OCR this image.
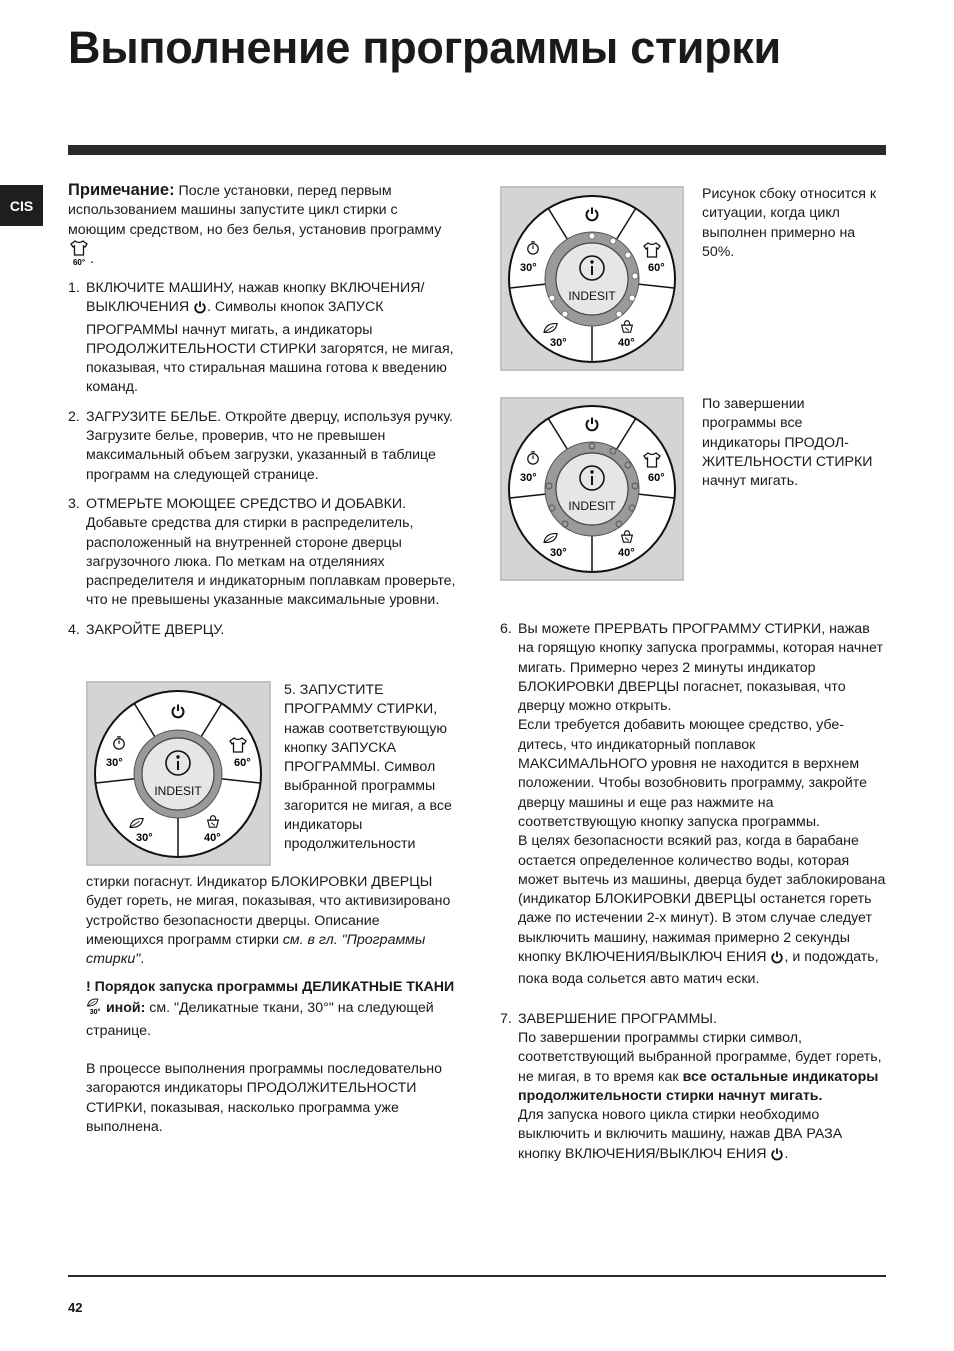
Выполнение программы стирки
CIS
Примечание: После установки, перед первым использованием машины запустите цикл стирки с моющим средством, но без белья, установив программу
60° .
1. ВКЛЮЧИТЕ МАШИНУ, нажав кнопку ВКЛЮЧЕНИЯ/ ВЫКЛЮЧЕНИЯ . Символы кнопок ЗАПУСК ПРОГРАММЫ начнут мигать, а индикаторы ПРОДОЛЖИТЕЛЬНОСТИ СТИРКИ загорятся, не мигая, показывая, что стиральная машина готова к введению команд.
2. ЗАГРУЗИТЕ БЕЛЬЕ. Откройте дверцу, используя ручку. Загрузите белье, проверив, что не превышен максимальный объем загрузки, указанный в таблице программ на следующей странице.
3. ОТМЕРЬТЕ МОЮЩЕЕ СРЕДСТВО И ДОБАВКИ. Добавьте средства для стирки в распределитель, расположенный на внутренней стороне дверцы загрузочного люка. По меткам на отделяниях распределителя и индикаторным поплавкам проверьте, что не превышены указанные максимальные уровни.
4. ЗАКРОЙТЕ ДВЕРЦУ.
INDESIT
30°	60°
30°	40°
5. ЗАПУСТИТЕ ПРОГРАММУ СТИРКИ, нажав соответствующую кнопку ЗАПУСКА ПРОГРАММЫ. Символ выбранной программы загорится не мигая, а все индикаторы продолжительности
стирки погаснут. Индикатор БЛОКИРОВКИ ДВЕРЦЫ будет гореть, не мигая, показывая, что активизировано устройство безопасности дверцы. Описание имеющихся программ стирки см. в гл. "Программы стирки".
! Порядок запуска программы ДЕЛИКАТНЫЕ ТКАНИ
30° иной: см. "Деликатные ткани, 30°" на следующей странице.
В процессе выполнения программы последовательно загораются индикаторы ПРОДОЛЖИТЕЛЬНОСТИ СТИРКИ, показывая, насколько программа уже выполнена.
INDESIT
30°	60°
30°	40°
Рисунок сбоку относится к ситуации, когда цикл выполнен примерно на 50%.
INDESIT
30°	60°
30°	40°
По завершении программы все индикаторы ПРОДОЛ-ЖИТЕЛЬНОСТИ СТИРКИ начнут мигать.
6. Вы можете ПРЕРВАТЬ ПРОГРАММУ СТИРКИ, нажав на горящую кнопку запуска программы, которая начнет мигать. Примерно через 2 минуты индикатор БЛОКИРОВКИ ДВЕРЦЫ погаснет, показывая, что дверцу можно открыть.

Если требуется добавить моющее средство, убе-дитесь, что индикаторный поплавок МАКСИМАЛЬНОГО уровня не находится в верхнем положении. Чтобы возобновить программу, закройте дверцу машины и еще раз нажмите на соответствующую кнопку запуска программы.

В целях безопасности всякий раз, когда в барабане остается определенное количество воды, которая может вытечь из машины, дверца будет заблокирована (индикатор БЛОКИРОВКИ ДВЕРЦЫ останется гореть даже по истечении 2-х минут). В этом случае следует выключить машину, нажимая примерно 2 секунды кнопку ВКЛЮЧЕНИЯ/ВЫКЛЮЧ ЕНИЯ , и подождать, пока вода сольется авто матич ески.

7. ЗАВЕРШЕНИЕ ПРОГРАММЫ.

По завершении программы стирки символ, соответствующий выбранной программе, будет гореть, не мигая, в то время как все остальные индикаторы продолжительности стирки начнут мигать.

Для запуска нового цикла стирки необходимо выключить и включить машину, нажав ДВА РАЗА кнопку ВКЛЮЧЕНИЯ/ВЫКЛЮЧ ЕНИЯ .

42
